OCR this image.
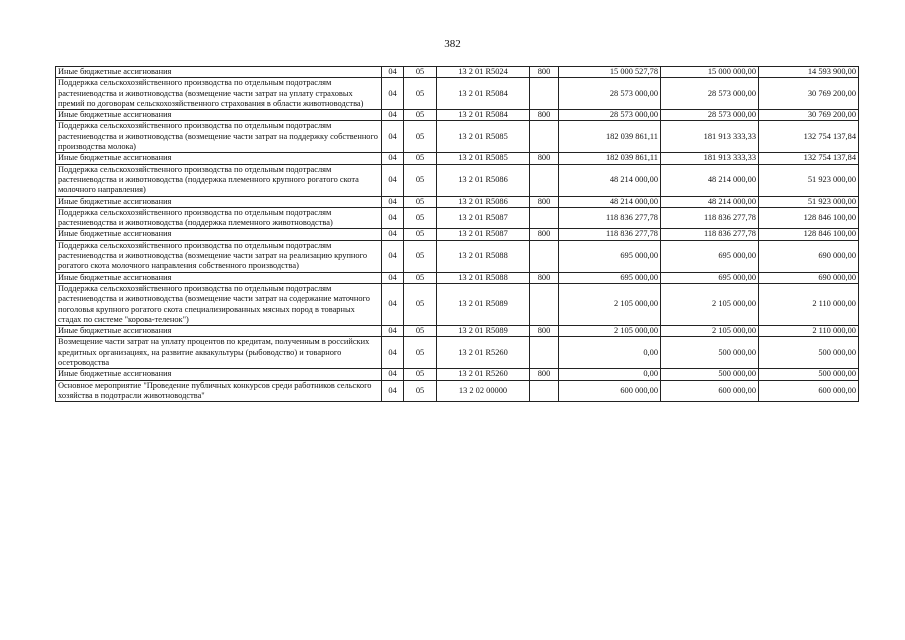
382
Иные бюджетные ассигнования	04	05	13 2 01 R5024	800	15 000 527,78	15 000 000,00	14 593 900,00
Поддержка сельскохозяйственного производства по отдельным подотраслям растениеводства и животноводства (возмещение части затрат на уплату страховых премий по договорам сельскохозяйственного страхования в области животноводства)	04	05	13 2 01 R5084		28 573 000,00	28 573 000,00	30 769 200,00
Иные бюджетные ассигнования	04	05	13 2 01 R5084	800	28 573 000,00	28 573 000,00	30 769 200,00
Поддержка сельскохозяйственного производства по отдельным подотраслям растениеводства и животноводства (возмещение части затрат на поддержку собственного производства молока)	04	05	13 2 01 R5085		182 039 861,11	181 913 333,33	132 754 137,84
Иные бюджетные ассигнования	04	05	13 2 01 R5085	800	182 039 861,11	181 913 333,33	132 754 137,84
Поддержка сельскохозяйственного производства по отдельным подотраслям растениеводства и животноводства (поддержка племенного крупного рогатого скота молочного направления)	04	05	13 2 01 R5086		48 214 000,00	48 214 000,00	51 923 000,00
Иные бюджетные ассигнования	04	05	13 2 01 R5086	800	48 214 000,00	48 214 000,00	51 923 000,00
Поддержка сельскохозяйственного производства по отдельным подотраслям растениеводства и животноводства (поддержка племенного животноводства)	04	05	13 2 01 R5087		118 836 277,78	118 836 277,78	128 846 100,00
Иные бюджетные ассигнования	04	05	13 2 01 R5087	800	118 836 277,78	118 836 277,78	128 846 100,00
Поддержка сельскохозяйственного производства по отдельным подотраслям растениеводства и животноводства (возмещение части затрат на реализацию крупного рогатого скота молочного направления собственного производства)	04	05	13 2 01 R5088		695 000,00	695 000,00	690 000,00
Иные бюджетные ассигнования	04	05	13 2 01 R5088	800	695 000,00	695 000,00	690 000,00
Поддержка сельскохозяйственного производства по отдельным подотраслям растениеводства и животноводства (возмещение части затрат на содержание маточного поголовья крупного рогатого скота специализированных мясных пород в товарных стадах по системе "корова-теленок")	04	05	13 2 01 R5089		2 105 000,00	2 105 000,00	2 110 000,00
Иные бюджетные ассигнования	04	05	13 2 01 R5089	800	2 105 000,00	2 105 000,00	2 110 000,00
Возмещение части затрат на уплату процентов по кредитам, полученным в российских кредитных организациях, на развитие аквакультуры (рыбоводство) и товарного осетроводства	04	05	13 2 01 R5260		0,00	500 000,00	500 000,00
Иные бюджетные ассигнования	04	05	13 2 01 R5260	800	0,00	500 000,00	500 000,00
Основное мероприятие "Проведение публичных конкурсов среди работников сельского хозяйства в подотрасли животноводства"	04	05	13 2 02 00000		600 000,00	600 000,00	600 000,00
